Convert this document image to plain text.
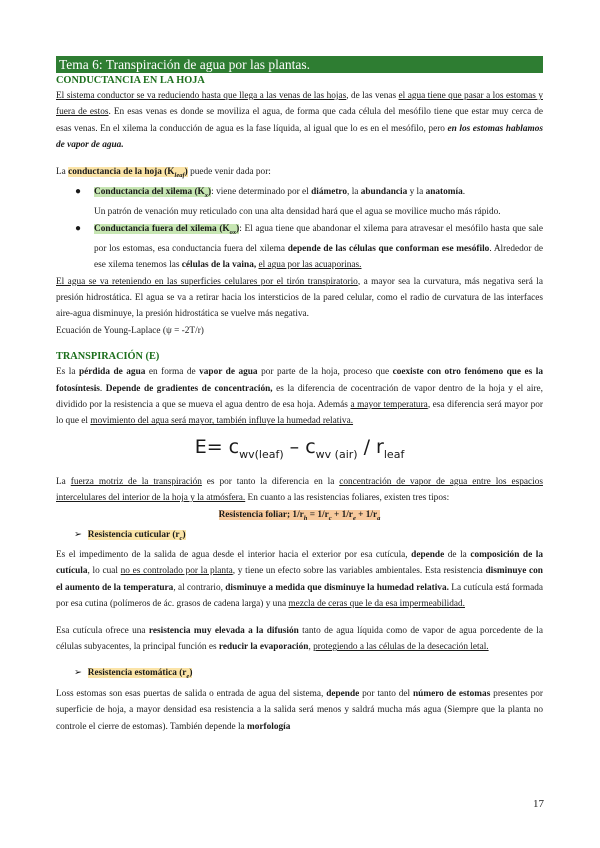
Tema 6: Transpiración de agua por las plantas.
CONDUCTANCIA EN LA HOJA

El sistema conductor se va reduciendo hasta que llega a las venas de las hojas, de las venas el agua tiene que pasar a los estomas y fuera de estos. En esas venas es donde se moviliza el agua, de forma que cada célula del mesófilo tiene que estar muy cerca de esas venas. En el xilema la conducción de agua es la fase líquida, al igual que lo es en el mesófilo, pero en los estomas hablamos de vapor de agua.

La conductancia de la hoja $(K_{leaf})$ puede venir dada por:

● Conductancia del xilema $(K_x)$: viene determinado por el diámetro, la abundancia y la anatomía.

Un patrón de venación muy reticulado con una alta densidad hará que el agua se movilice mucho más rápido.

● Conductancia fuera del xilema $(K_{ox})$: El agua tiene que abandonar el xilema para atravesar el mesófilo hasta que sale por los estomas, esa conductancia fuera del xilema depende de las células que conforman ese mesófilo. Alrededor de ese xilema tenemos las células de la vaina, el agua por las acuaporinas.

El agua se va reteniendo en las superficies celulares por el tirón transpiratorio, a mayor sea la curvatura, más negativa será la presión hidrostática. El agua se va a retirar hacia los intersticios de la pared celular, como el radio de curvatura de las interfaces aire-agua disminuye, la presión hidrostática se vuelve más negativa.

Ecuación de Young-Laplace (ψ = -2T/r)

TRANSPIRACIÓN (E)

Es la pérdida de agua en forma de vapor de agua por parte de la hoja, proceso que coexiste con otro fenómeno que es la fotosíntesis. Depende de gradientes de concentración, es la diferencia de cocentración de vapor dentro de la hoja y el aire, dividido por la resistencia a que se mueva el agua dentro de esa hoja. Además a mayor temperatura, esa diferencia será mayor por lo que el movimiento del agua será mayor, también influye la humedad relativa.

$E= c_{wv(leaf)} - c_{wv (air)} / r_{leaf}$

La fuerza motriz de la transpiración es por tanto la diferencia en la concentración de vapor de agua entre los espacios intercelulares del interior de la hoja y la atmósfera. En cuanto a las resistencias foliares, existen tres tipos:

Resistencia foliar; $1/r_h = 1/r_c + 1/r_e + 1/r_a$
➢ Resistencia cuticular $(r_c)$

Es el impedimento de la salida de agua desde el interior hacia el exterior por esa cutícula, depende de la composición de la cutícula, lo cual no es controlado por la planta, y tiene un efecto sobre las variables ambientales. Esta resistencia disminuye con el aumento de la temperatura, al contrario, disminuye a medida que disminuye la humedad relativa. La cutícula está formada por esa cutina (polímeros de ác. grasos de cadena larga) y una mezcla de ceras que le da esa impermeabilidad.

Esa cutícula ofrece una resistencia muy elevada a la difusión tanto de agua líquida como de vapor de agua porcedente de la células subyacentes, la principal función es reducir la evaporación, protegiendo a las células de la desecación letal.

➢ Resistencia estomática $(r_e)$

Loss estomas son esas puertas de salida o entrada de agua del sistema, depende por tanto del número de estomas presentes por superficie de hoja, a mayor densidad esa resistencia a la salida será menos y saldrá mucha más agua (Siempre que la planta no controle el cierre de estomas). También depende la morfología

17
